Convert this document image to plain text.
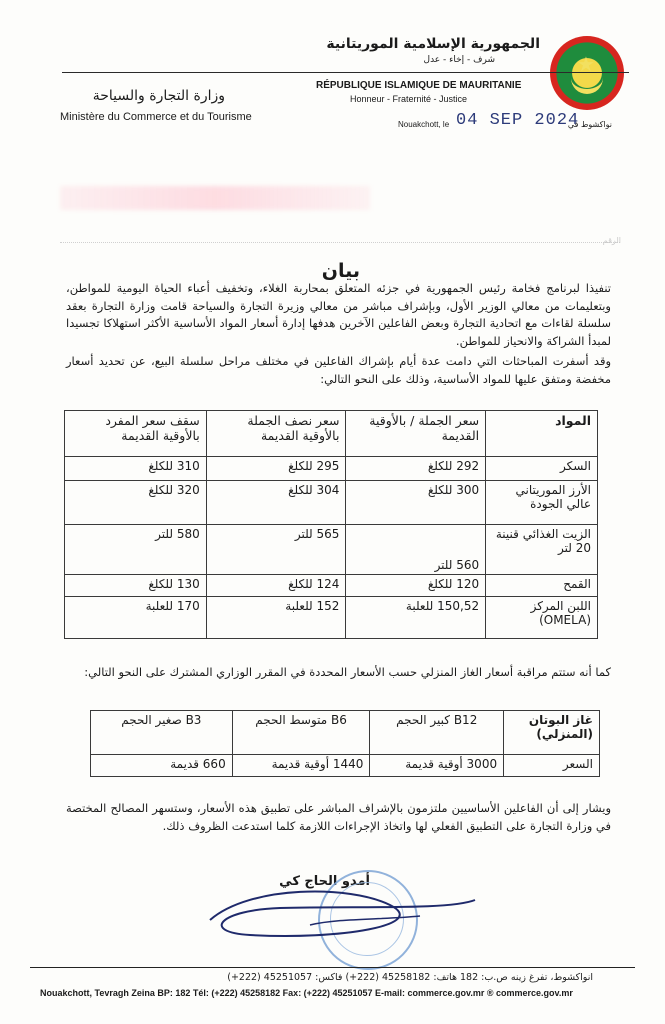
★
الجمهورية الإسلامية الموريتانية
شرف - إخاء - عدل
RÉPUBLIQUE ISLAMIQUE DE MAURITANIE
Honneur - Fraternité - Justice
وزارة التجارة والسياحة
Ministère du Commerce et du Tourisme
Nouakchott, le 04 SEP 2024
نواكشوط في
الرقم
بيان

تنفيذا لبرنامج فخامة رئيس الجمهورية في جزئه المتعلق بمحاربة الغلاء، وتخفيف أعباء الحياة اليومية للمواطن، وبتعليمات من معالي الوزير الأول، وبإشراف مباشر من معالي وزيرة التجارة والسياحة قامت وزارة التجارة بعقد سلسلة لقاءات مع اتحادية التجارة وبعض الفاعلين الآخرين هدفها إدارة أسعار المواد الأساسية الأكثر استهلاكا تجسيدا لمبدأ الشراكة والانحياز للمواطن.

وقد أسفرت المباحثات التي دامت عدة أيام بإشراك الفاعلين في مختلف مراحل سلسلة البيع، عن تحديد أسعار مخفضة ومتفق عليها للمواد الأساسية، وذلك على النحو التالي:

المواد	سعر الجملة / بالأوقية القديمة	سعر نصف الجملة بالأوقية القديمة	سقف سعر المفرد بالأوقية القديمة
السكر	292 للكلغ	295 للكلغ	310 للكلغ
الأرز الموريتاني عالي الجودة	300 للكلغ	304 للكلغ	320 للكلغ
الزيت الغذائي قنينة 20 لتر	560 للتر	565 للتر	580 للتر
القمح	120 للكلغ	124 للكلغ	130 للكلغ
اللبن المركز (OMELA)	150,52 للعلبة	152 للعلبة	170 للعلبة

كما أنه ستتم مراقبة أسعار الغاز المنزلي حسب الأسعار المحددة في المقرر الوزاري المشترك على النحو التالي:

غاز البوتان (المنزلي)	B12 كبير الحجم	B6 متوسط الحجم	B3 صغير الحجم
السعر	3000 أوقية قديمة	1440 أوقية قديمة	660 قديمة

ويشار إلى أن الفاعلين الأساسيين ملتزمون بالإشراف المباشر على تطبيق هذه الأسعار، وستسهر المصالح المختصة في وزارة التجارة على التطبيق الفعلي لها واتخاذ الإجراءات اللازمة كلما استدعت الظروف ذلك.

أمدو الحاج كي
انواكشوط، تفرغ زينه ص.ب: 182 هاتف: 45258182 (222+) فاكس: 45251057 (222+)
Nouakchott, Tevragh Zeina BP: 182 Tél: (+222) 45258182 Fax: (+222) 45251057 E-mail: commerce.gov.mr ® commerce.gov.mr
